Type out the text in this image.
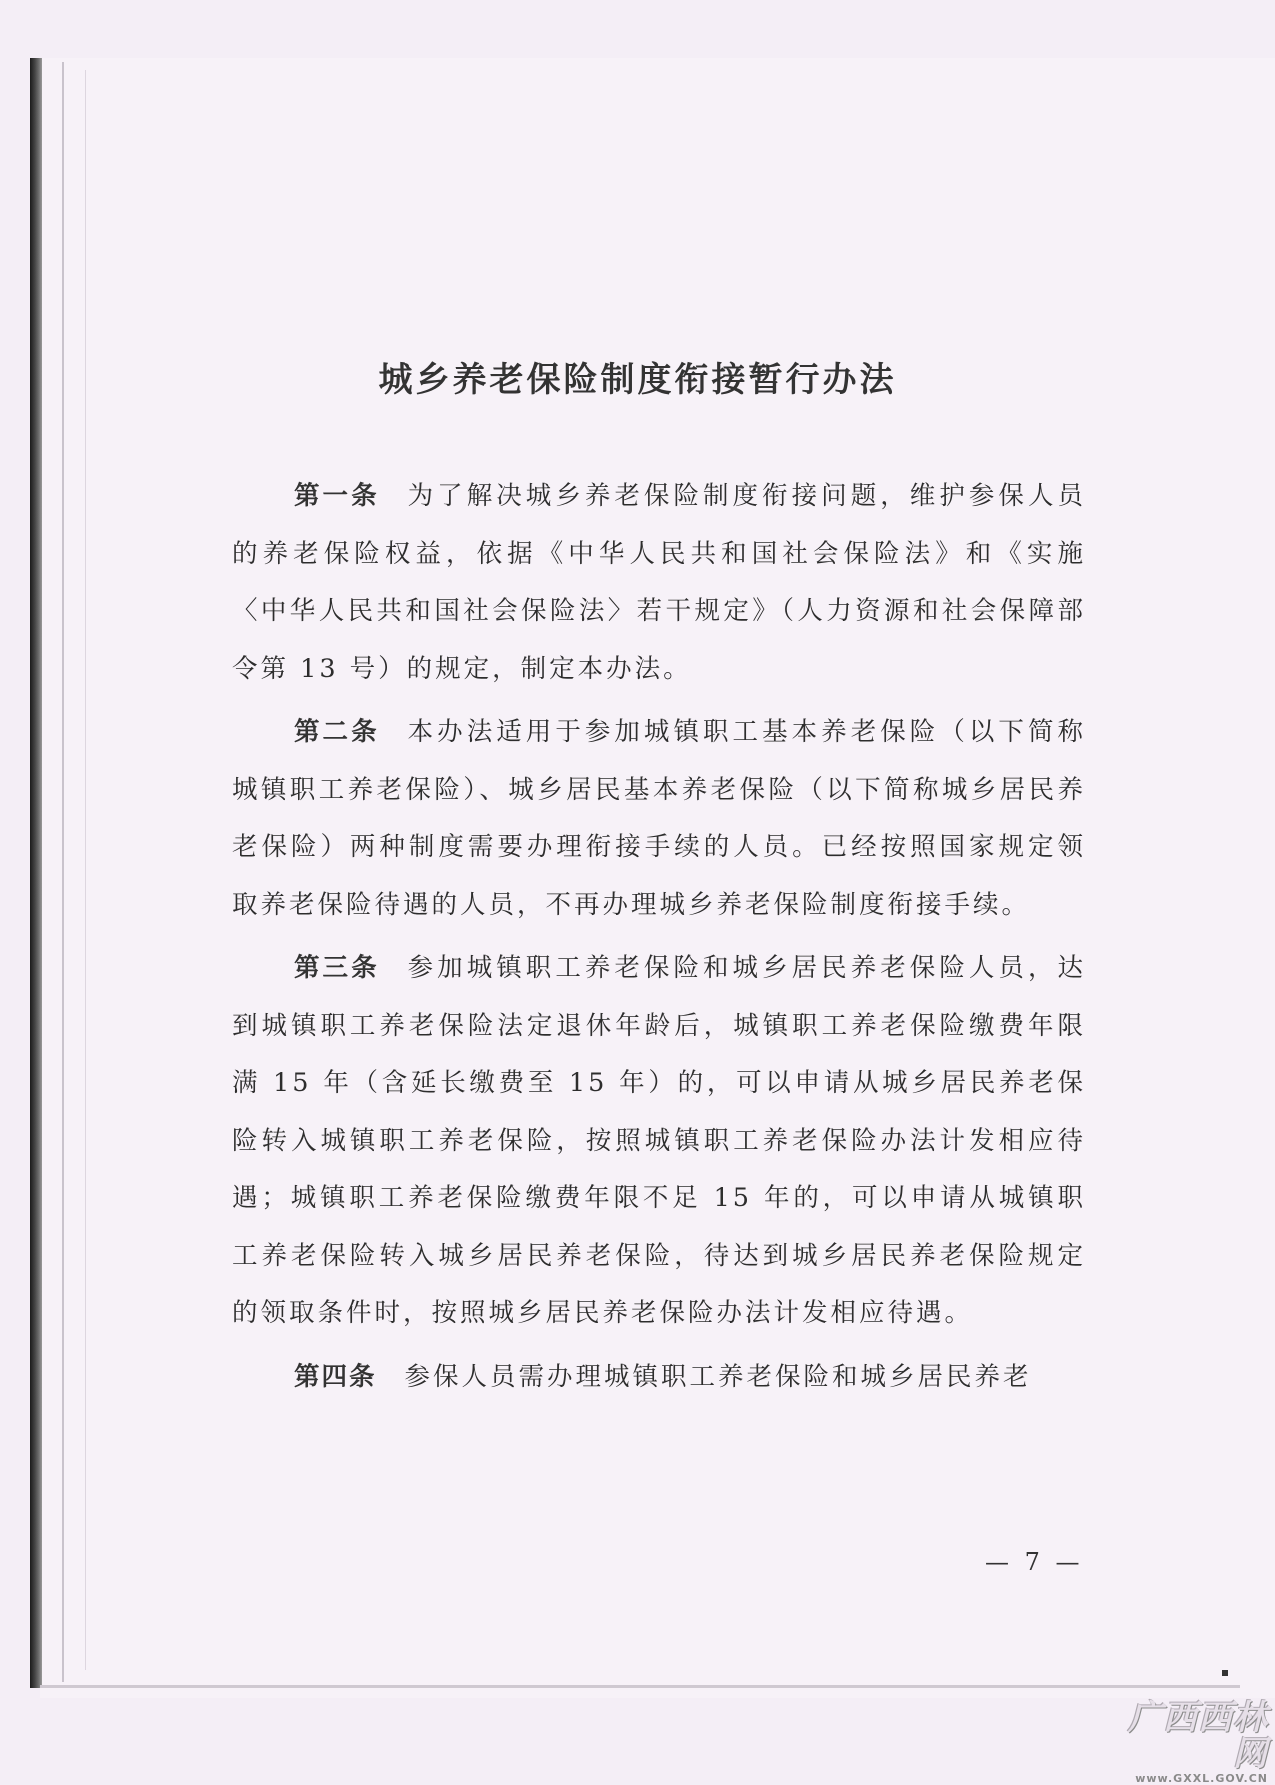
城乡养老保险制度衔接暂行办法

第一条 为了解决城乡养老保险制度衔接问题，维护参保人员的养老保险权益，依据《中华人民共和国社会保险法》和《实施〈中华人民共和国社会保险法〉若干规定》（人力资源和社会保障部令第 13 号）的规定，制定本办法。

第二条 本办法适用于参加城镇职工基本养老保险（以下简称城镇职工养老保险）、城乡居民基本养老保险（以下简称城乡居民养老保险）两种制度需要办理衔接手续的人员。已经按照国家规定领取养老保险待遇的人员，不再办理城乡养老保险制度衔接手续。

第三条 参加城镇职工养老保险和城乡居民养老保险人员，达到城镇职工养老保险法定退休年龄后，城镇职工养老保险缴费年限满 15 年（含延长缴费至 15 年）的，可以申请从城乡居民养老保险转入城镇职工养老保险，按照城镇职工养老保险办法计发相应待遇；城镇职工养老保险缴费年限不足 15 年的，可以申请从城镇职工养老保险转入城乡居民养老保险，待达到城乡居民养老保险规定的领取条件时，按照城乡居民养老保险办法计发相应待遇。

第四条 参保人员需办理城镇职工养老保险和城乡居民养老

— 7 —
广西西林网
www.GXXL.GOV.CN
